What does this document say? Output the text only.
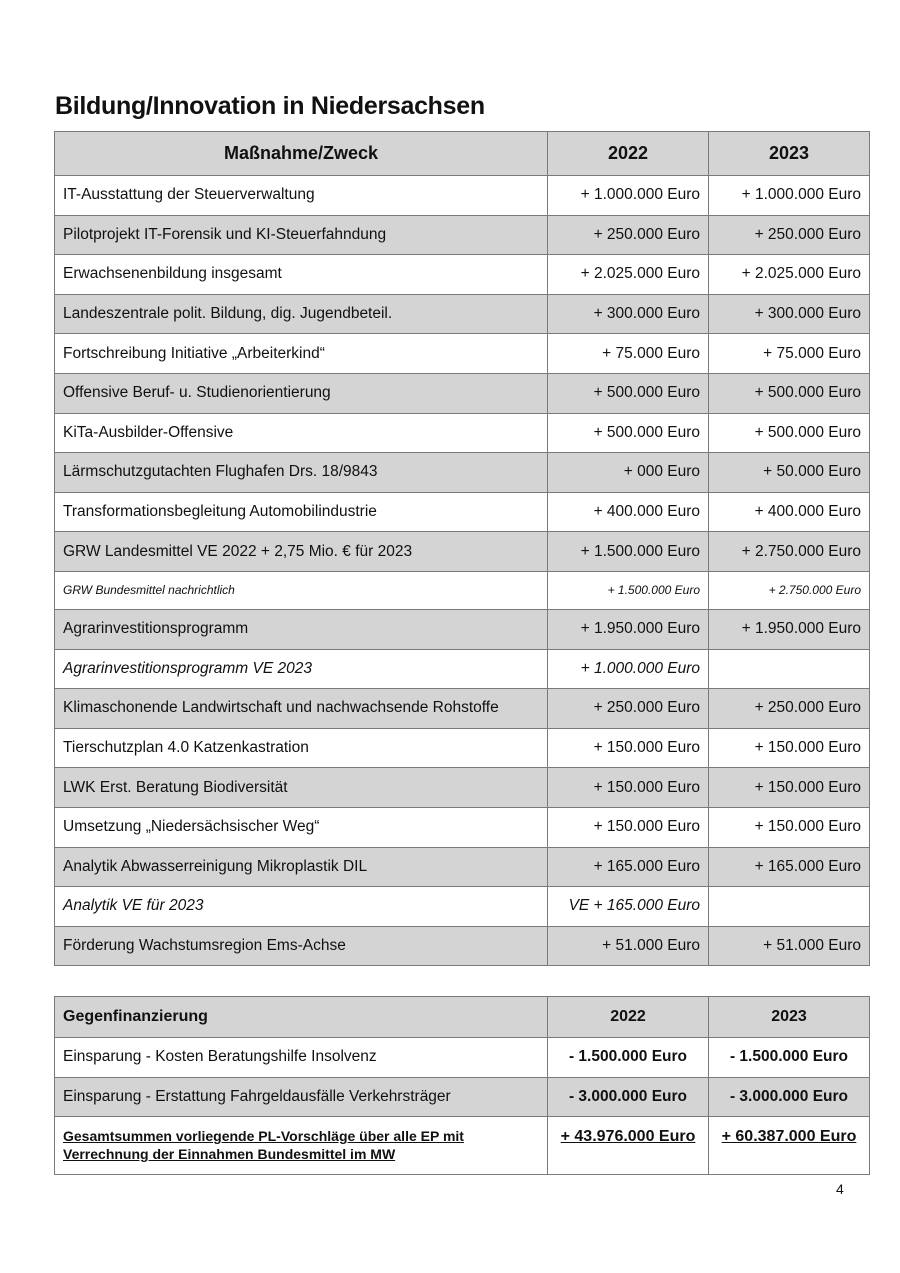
Bildung/Innovation in Niedersachsen
Maßnahme/Zweck	2022	2023
IT-Ausstattung der Steuerverwaltung	+ 1.000.000 Euro	+ 1.000.000 Euro
Pilotprojekt IT-Forensik und KI-Steuerfahndung	+ 250.000 Euro	+ 250.000 Euro
Erwachsenenbildung insgesamt	+ 2.025.000 Euro	+ 2.025.000 Euro
Landeszentrale polit. Bildung, dig. Jugendbeteil.	+ 300.000 Euro	+ 300.000 Euro
Fortschreibung Initiative „Arbeiterkind“	+ 75.000 Euro	+ 75.000 Euro
Offensive Beruf- u. Studienorientierung	+ 500.000 Euro	+ 500.000 Euro
KiTa-Ausbilder-Offensive	+ 500.000 Euro	+ 500.000 Euro
Lärmschutzgutachten Flughafen Drs. 18/9843	+ 000 Euro	+ 50.000 Euro
Transformationsbegleitung Automobilindustrie	+ 400.000 Euro	+ 400.000 Euro
GRW Landesmittel VE 2022 + 2,75 Mio. € für 2023	+ 1.500.000 Euro	+ 2.750.000 Euro
GRW Bundesmittel nachrichtlich	+ 1.500.000 Euro	+ 2.750.000 Euro
Agrarinvestitionsprogramm	+ 1.950.000 Euro	+ 1.950.000 Euro
Agrarinvestitionsprogramm VE 2023	+ 1.000.000 Euro	
Klimaschonende Landwirtschaft und nachwachsende Rohstoffe	+ 250.000 Euro	+ 250.000 Euro
Tierschutzplan 4.0 Katzenkastration	+ 150.000 Euro	+ 150.000 Euro
LWK Erst. Beratung Biodiversität	+ 150.000 Euro	+ 150.000 Euro
Umsetzung „Niedersächsischer Weg“	+ 150.000 Euro	+ 150.000 Euro
Analytik Abwasserreinigung Mikroplastik DIL	+ 165.000 Euro	+ 165.000 Euro
Analytik VE für 2023	VE + 165.000 Euro	
Förderung Wachstumsregion Ems-Achse	+ 51.000 Euro	+ 51.000 Euro
Gegenfinanzierung	2022	2023
Einsparung - Kosten Beratungshilfe Insolvenz	- 1.500.000 Euro	- 1.500.000 Euro
Einsparung - Erstattung Fahrgeldausfälle Verkehrsträger	- 3.000.000 Euro	- 3.000.000 Euro
Gesamtsummen vorliegende PL-Vorschläge über alle EP mit
Verrechnung der Einnahmen Bundesmittel im MW	+ 43.976.000 Euro	+ 60.387.000 Euro
4
